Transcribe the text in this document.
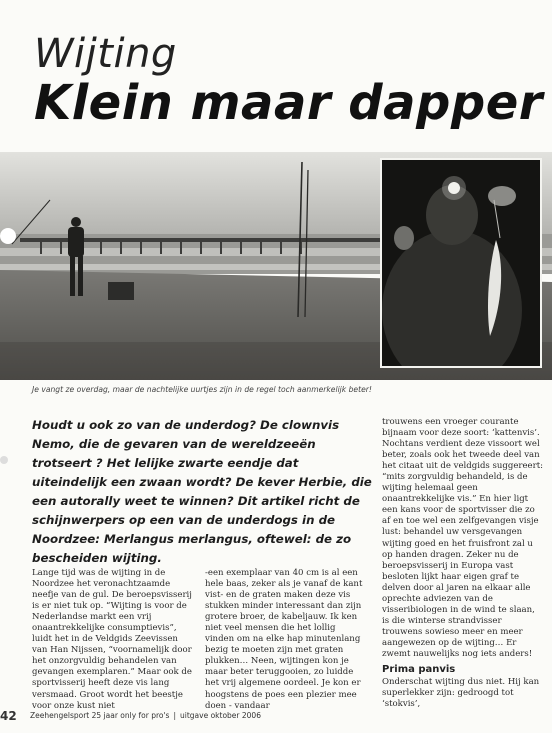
Wijting
Klein maar dapper
Je vangt ze overdag, maar de nachtelijke uurtjes zijn in de regel toch aanmerkelijk beter!

Houdt u ook zo van de underdog? De clownvis Nemo, die de gevaren van de wereldzeeën trotseert ? Het lelijke zwarte eendje dat uiteindelijk een zwaan wordt? De kever Herbie, die een autorally weet te winnen? Dit artikel richt de schijnwerpers op een van de underdogs in de Noordzee: Merlangus merlangus, oftewel: de zo bescheiden wijting.

Lange tijd was de wijting in de Noordzee het veronachtzaamde neefje van de gul. De beroepsvisserij is er niet tuk op. “Wijting is voor de Nederlandse markt een vrij onaantrekkelijke consumptievis”, luidt het in de Veldgids Zeevissen van Han Nijssen, “voornamelijk door het onzorgvuldig behandelen van gevangen exemplaren.” Maar ook de sportvisserij heeft deze vis lang versmaad. Groot wordt het beestje voor onze kust niet

-een exemplaar van 40 cm is al een hele baas, zeker als je vanaf de kant vist- en de graten maken deze vis stukken minder interessant dan zijn grotere broer, de kabeljauw. Ik ken niet veel mensen die het lollig vinden om na elke hap minutenlang bezig te moeten zijn met graten plukken… Neen, wijtingen kon je maar beter teruggooien, zo luidde het vrij algemene oordeel. Je kon er hoogstens de poes een plezier mee doen - vandaar

trouwens een vroeger courante bijnaam voor deze soort: ‘kattenvis’. Nochtans verdient deze vissoort wel beter, zoals ook het tweede deel van het citaat uit de veldgids suggereert: “mits zorgvuldig behandeld, is de wijting helemaal geen onaantrekkelijke vis.” En hier ligt een kans voor de sportvisser die zo af en toe wel een zelfgevangen visje lust: behandel uw versgevangen wijting goed en het fruisfront zal u op handen dragen. Zeker nu de beroepsvisserij in Europa vast besloten lijkt haar eigen graf te delven door al jaren na elkaar alle oprechte adviezen van de visseribiologen in de wind te slaan, is die winterse strandvisser trouwens sowieso meer en meer aangewezen op de wijting… Er zwemt nauwelijks nog iets anders!

Prima panvis

Onderschat wijting dus niet. Hij kan superlekker zijn: gedroogd tot ‘stokvis’,

42 Zeehengelsport 25 jaar only for pro's | uitgave oktober 2006
